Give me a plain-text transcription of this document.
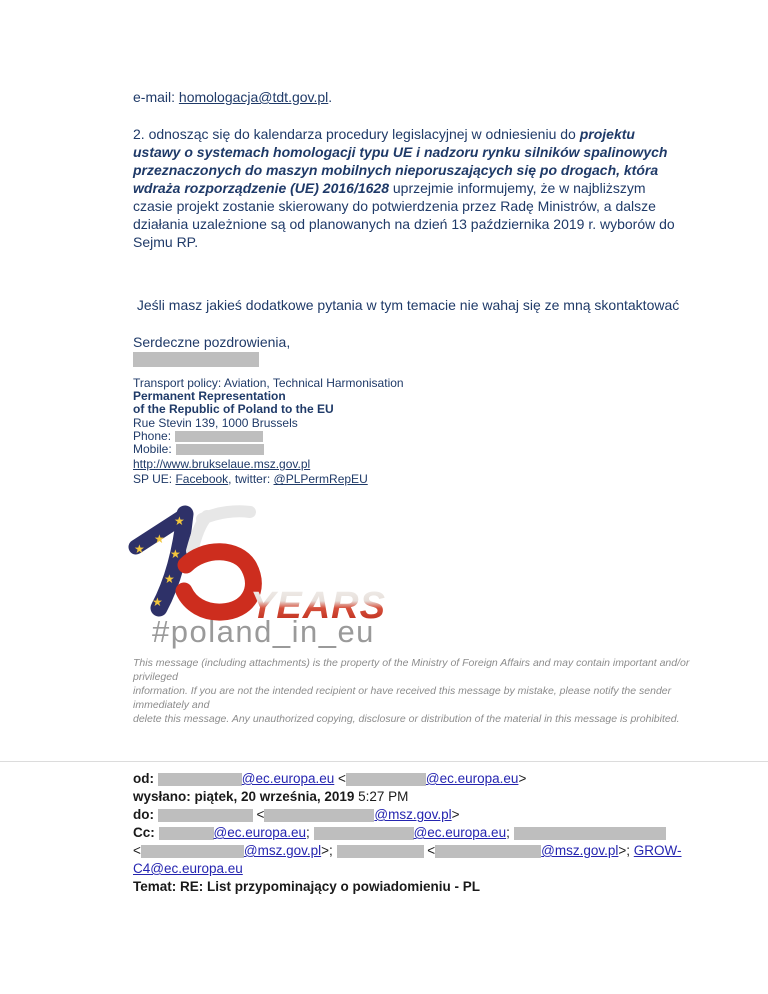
e-mail: homologacja@tdt.gov.pl.
2. odnosząc się do kalendarza procedury legislacyjnej w odniesieniu do projektu ustawy o systemach homologacji typu UE i nadzoru rynku silników spalinowych przeznaczonych do maszyn mobilnych nieporuszających się po drogach, która wdraża rozporządzenie (UE) 2016/1628 uprzejmie informujemy, że w najbliższym czasie projekt zostanie skierowany do potwierdzenia przez Radę Ministrów, a dalsze działania uzależnione są od planowanych na dzień 13 października 2019 r. wyborów do Sejmu RP.
Jeśli masz jakieś dodatkowe pytania w tym temacie nie wahaj się ze mną skontaktować
Serdeczne pozdrowienia,
Transport policy: Aviation, Technical Harmonisation
Permanent Representation
of the Republic of Poland to the EU
Rue Stevin 139, 1000 Brussels
Phone:
Mobile:
http://www.brukselaue.msz.gov.pl
SP UE: Facebook, twitter: @PLPermRepEU
★
★
★
★
★
★ YEARS
#poland_in_eu
This message (including attachments) is the property of the Ministry of Foreign Affairs and may contain important and/or privileged
information. If you are not the intended recipient or have received this message by mistake, please notify the sender immediately and
delete this message. Any unauthorized copying, disclosure or distribution of the material in this message is prohibited.
od:	@ec.europa.eu <	@ec.europa.eu>
wysłano: piątek, 20 września, 2019 5:27 PM
do:	<	@msz.gov.pl>
Cc:	@ec.europa.eu;	@ec.europa.eu;
<	@msz.gov.pl>;	<	@msz.gov.pl>; GROW-
C4@ec.europa.eu
Temat: RE: List przypominający o powiadomieniu - PL
